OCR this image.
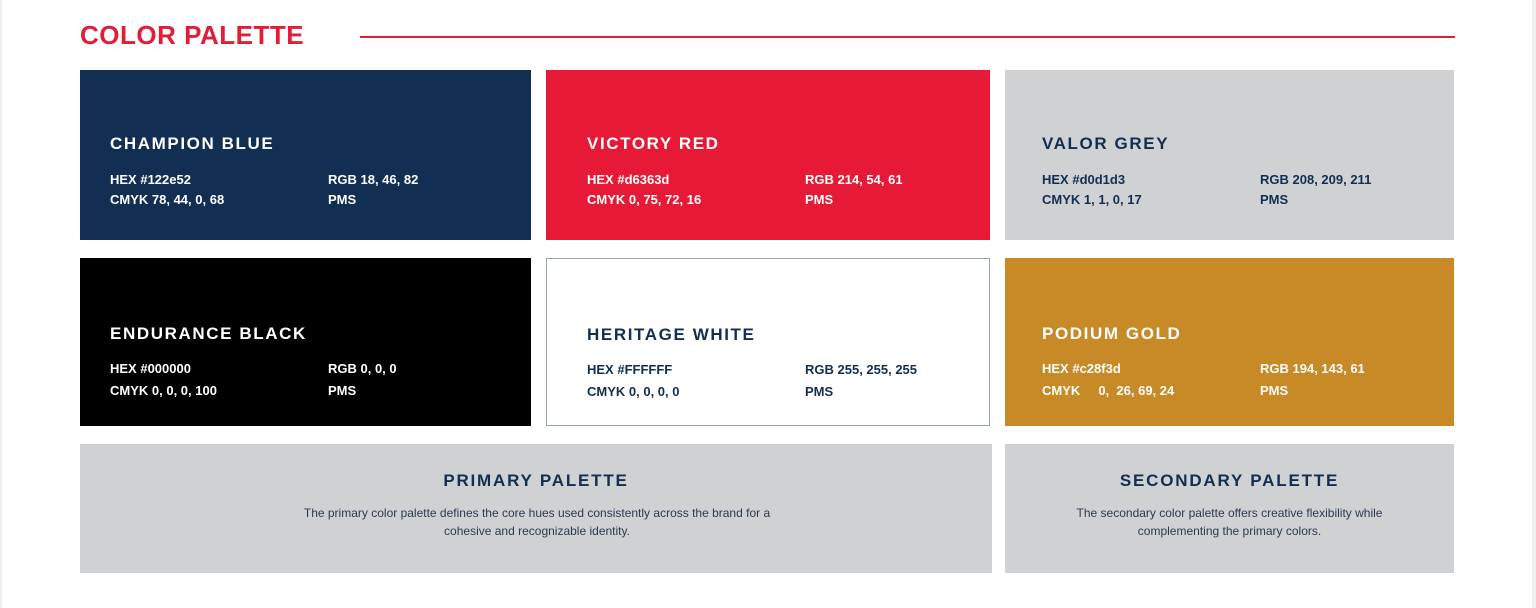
COLOR PALETTE
CHAMPION BLUE
HEX #122e52	RGB 18, 46, 82
CMYK 78, 44, 0, 68	PMS
VICTORY RED
HEX #d6363d	RGB 214, 54, 61
CMYK 0, 75, 72, 16	PMS
VALOR GREY
HEX #d0d1d3	RGB 208, 209, 211
CMYK 1, 1, 0, 17	PMS
ENDURANCE BLACK
HEX #000000	RGB 0, 0, 0
CMYK 0, 0, 0, 100	PMS
HERITAGE WHITE
HEX #FFFFFF	RGB 255, 255, 255
CMYK 0, 0, 0, 0	PMS
PODIUM GOLD
HEX #c28f3d	RGB 194, 143, 61
CMYK     0,  26, 69, 24	PMS
PRIMARY PALETTE
The primary color palette defines the core hues used consistently across the brand for a cohesive and recognizable identity.
SECONDARY PALETTE
The secondary color palette offers creative flexibility while complementing the primary colors.
